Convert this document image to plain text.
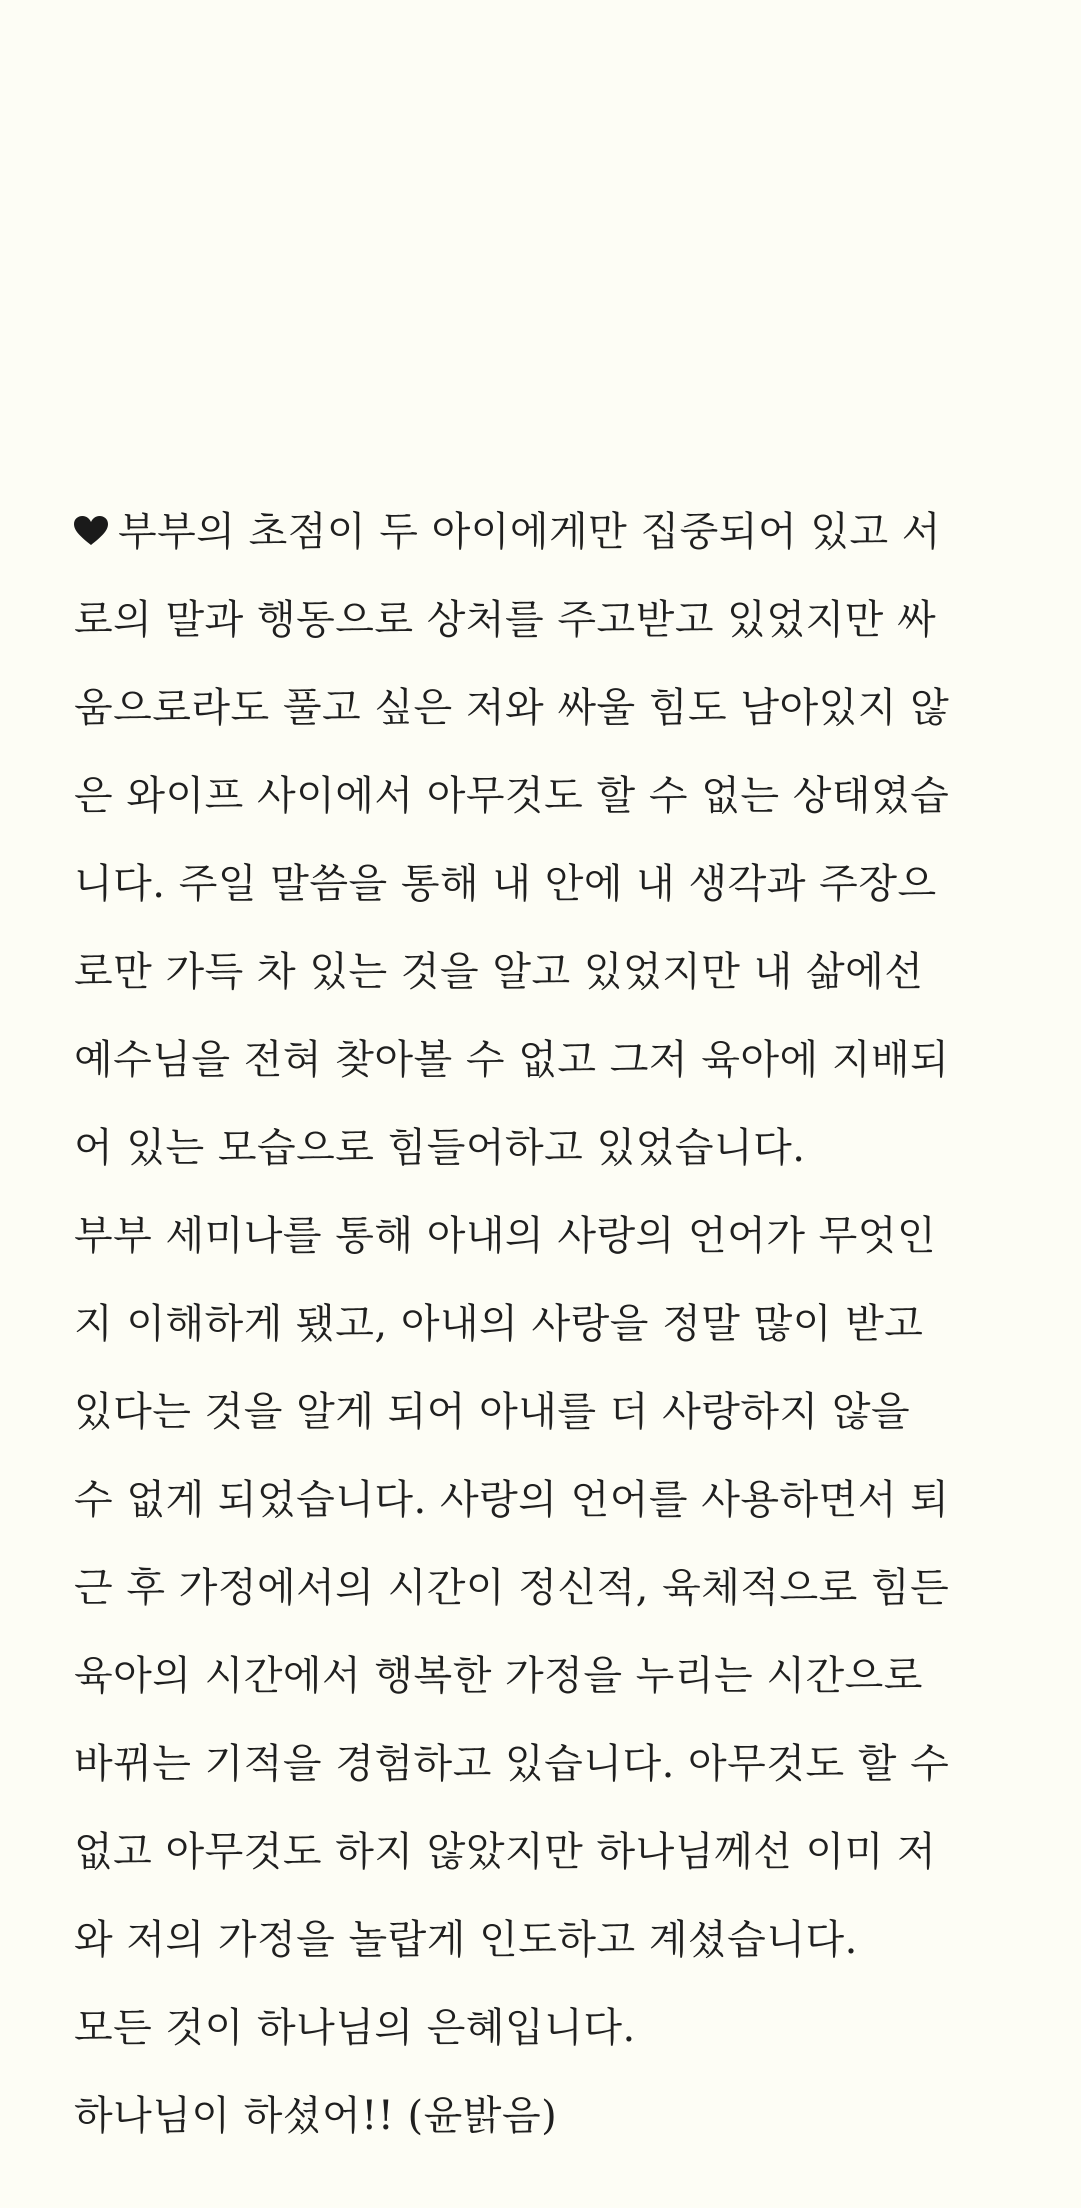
부부의 초점이 두 아이에게만 집중되어 있고 서
로의 말과 행동으로 상처를 주고받고 있었지만 싸
움으로라도 풀고 싶은 저와 싸울 힘도 남아있지 않
은 와이프 사이에서 아무것도 할 수 없는 상태였습
니다. 주일 말씀을 통해 내 안에 내 생각과 주장으
로만 가득 차 있는 것을 알고 있었지만 내 삶에선
예수님을 전혀 찾아볼 수 없고 그저 육아에 지배되
어 있는 모습으로 힘들어하고 있었습니다.
부부 세미나를 통해 아내의 사랑의 언어가 무엇인
지 이해하게 됐고, 아내의 사랑을 정말 많이 받고
있다는 것을 알게 되어 아내를 더 사랑하지 않을
수 없게 되었습니다. 사랑의 언어를 사용하면서 퇴
근 후 가정에서의 시간이 정신적, 육체적으로 힘든
육아의 시간에서 행복한 가정을 누리는 시간으로
바뀌는 기적을 경험하고 있습니다. 아무것도 할 수
없고 아무것도 하지 않았지만 하나님께선 이미 저
와 저의 가정을 놀랍게 인도하고 계셨습니다.
모든 것이 하나님의 은혜입니다.
하나님이 하셨어!! (윤밝음)
